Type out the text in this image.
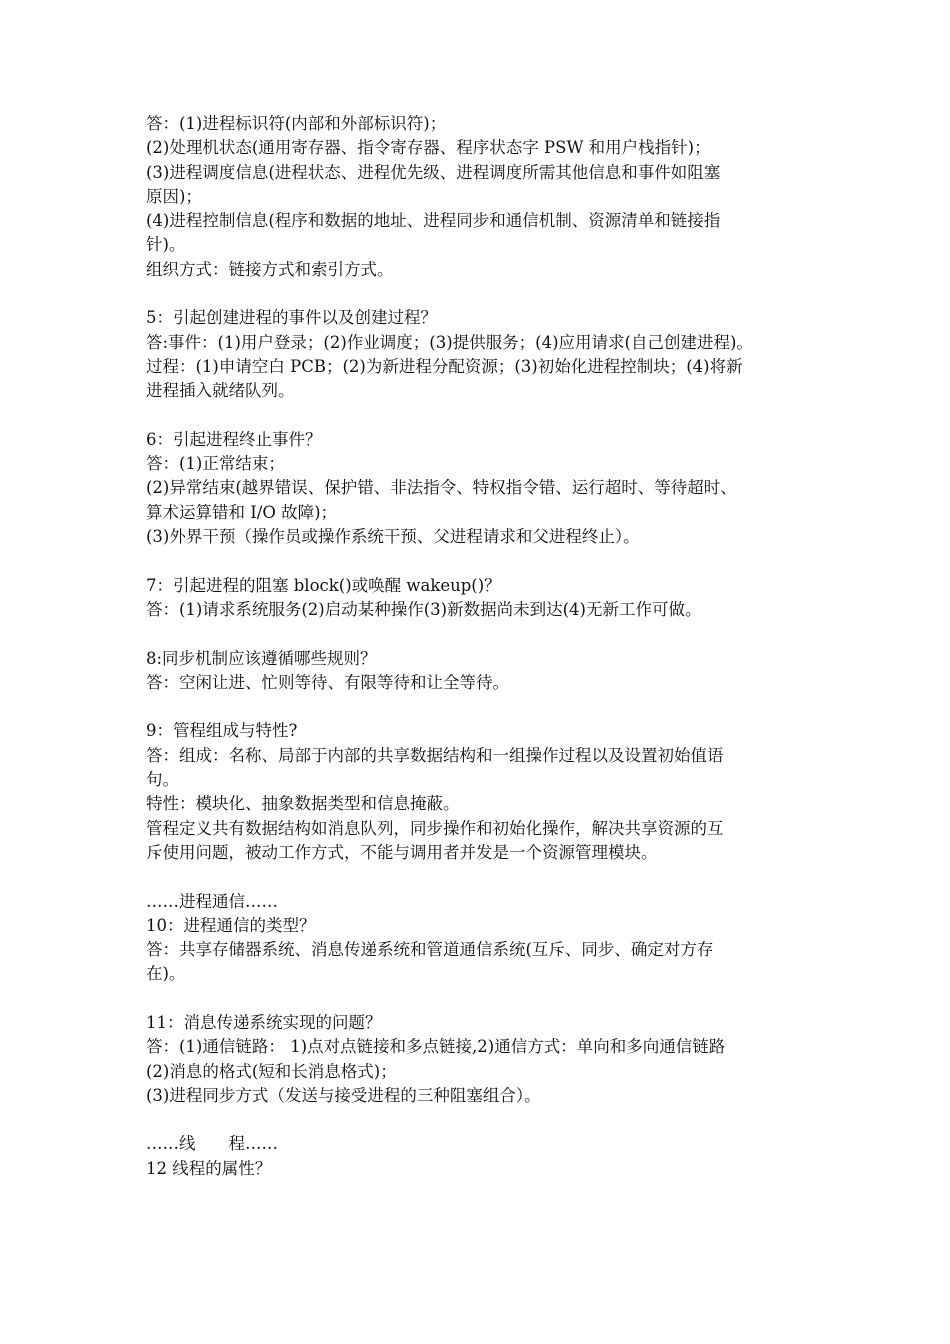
答：(1)进程标识符(内部和外部标识符)；
(2)处理机状态(通用寄存器、指令寄存器、程序状态字 PSW 和用户栈指针)；
(3)进程调度信息(进程状态、进程优先级、进程调度所需其他信息和事件如阻塞
原因)；
(4)进程控制信息(程序和数据的地址、进程同步和通信机制、资源清单和链接指
针)。
组织方式：链接方式和索引方式。
5：引起创建进程的事件以及创建过程？
答:事件：(1)用户登录；(2)作业调度；(3)提供服务；(4)应用请求(自己创建进程)。
过程：(1)申请空白 PCB；(2)为新进程分配资源；(3)初始化进程控制块；(4)将新
进程插入就绪队列。
6：引起进程终止事件？
答：(1)正常结束；
(2)异常结束(越界错误、保护错、非法指令、特权指令错、运行超时、等待超时、
算术运算错和 I/O 故障)；
(3)外界干预（操作员或操作系统干预、父进程请求和父进程终止）。
7：引起进程的阻塞 block()或唤醒 wakeup()？
答：(1)请求系统服务(2)启动某种操作(3)新数据尚未到达(4)无新工作可做。
8:同步机制应该遵循哪些规则？
答：空闲让进、忙则等待、有限等待和让全等待。
9：管程组成与特性?
答：组成：名称、局部于内部的共享数据结构和一组操作过程以及设置初始值语
句。
特性：模块化、抽象数据类型和信息掩蔽。
管程定义共有数据结构如消息队列，同步操作和初始化操作，解决共享资源的互
斥使用问题，被动工作方式，不能与调用者并发是一个资源管理模块。
……进程通信……
10：进程通信的类型？
答：共享存储器系统、消息传递系统和管道通信系统(互斥、同步、确定对方存
在)。
11：消息传递系统实现的问题？
答：(1)通信链路： 1)点对点链接和多点链接,2)通信方式：单向和多向通信链路
(2)消息的格式(短和长消息格式)；
(3)进程同步方式（发送与接受进程的三种阻塞组合）。
……线　　程……
12 线程的属性？
